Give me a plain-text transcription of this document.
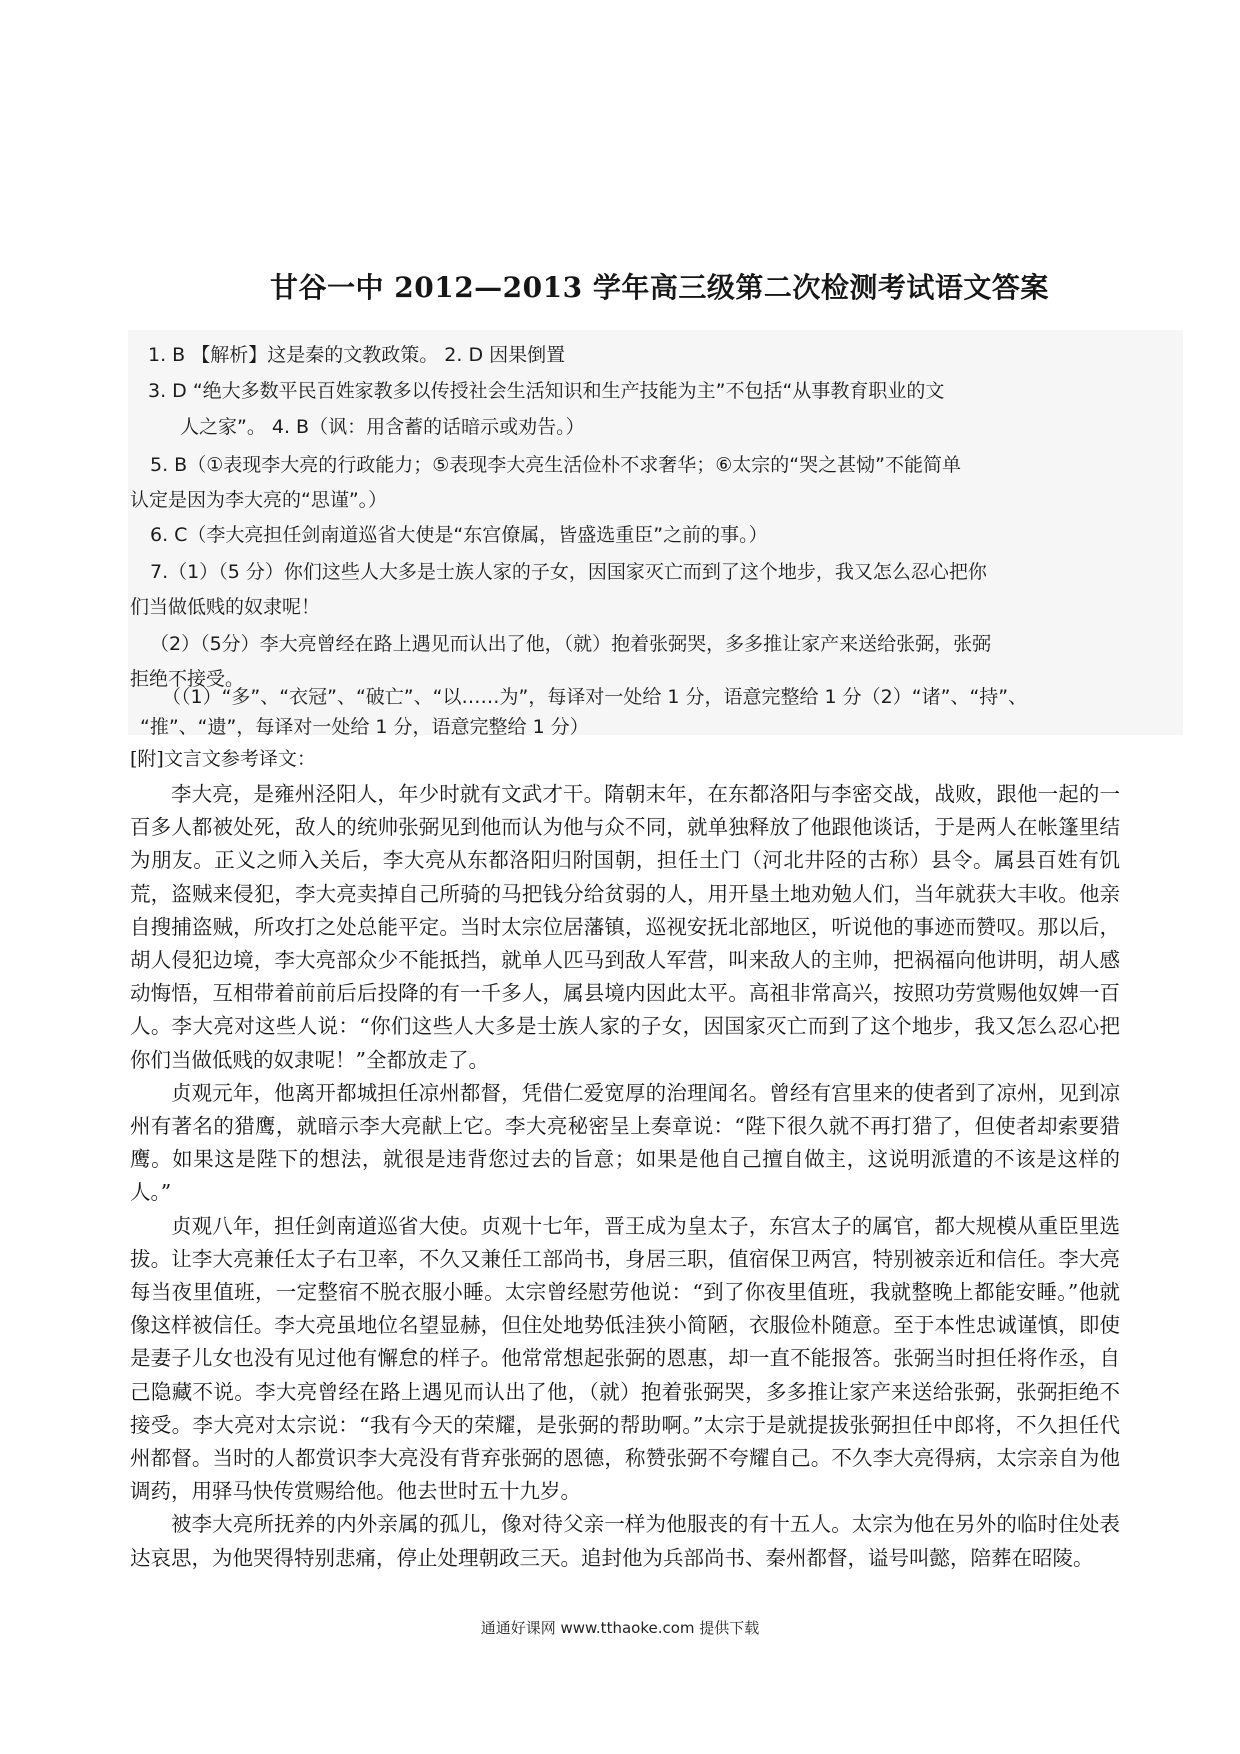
甘谷一中 2012—2013 学年高三级第二次检测考试语文答案
1. B 【解析】这是秦的文教政策。 2. D 因果倒置
3. D “绝大多数平民百姓家教多以传授社会生活知识和生产技能为主”不包括“从事教育职业的文
人之家”。 4. B（讽：用含蓄的话暗示或劝告。）
5. B（①表现李大亮的行政能力；⑤表现李大亮生活俭朴不求奢华；⑥太宗的“哭之甚恸”不能简单
认定是因为李大亮的“思谨”。）
6. C（李大亮担任剑南道巡省大使是“东宫僚属，皆盛选重臣”之前的事。）
7.（1）（5 分）你们这些人大多是士族人家的子女，因国家灭亡而到了这个地步，我又怎么忍心把你
们当做低贱的奴隶呢！
（2）（5分）李大亮曾经在路上遇见而认出了他，（就）抱着张弼哭，多多推让家产来送给张弼，张弼
拒绝不接受。
（（1）“多”、“衣冠”、“破亡”、“以……为”，每译对一处给 1 分，语意完整给 1 分（2）“诸”、“持”、
“推”、“遗”，每译对一处给 1 分，语意完整给 1 分）
[附]文言文参考译文：

李大亮，是雍州泾阳人，年少时就有文武才干。隋朝末年，在东都洛阳与李密交战，战败，跟他一起的一百多人都被处死，敌人的统帅张弼见到他而认为他与众不同，就单独释放了他跟他谈话，于是两人在帐篷里结为朋友。正义之师入关后，李大亮从东都洛阳归附国朝，担任土门（河北井陉的古称）县令。属县百姓有饥荒，盗贼来侵犯，李大亮卖掉自己所骑的马把钱分给贫弱的人，用开垦土地劝勉人们，当年就获大丰收。他亲自搜捕盗贼，所攻打之处总能平定。当时太宗位居藩镇，巡视安抚北部地区，听说他的事迹而赞叹。那以后，胡人侵犯边境，李大亮部众少不能抵挡，就单人匹马到敌人军营，叫来敌人的主帅，把祸福向他讲明，胡人感动悔悟，互相带着前前后后投降的有一千多人，属县境内因此太平。高祖非常高兴，按照功劳赏赐他奴婢一百人。李大亮对这些人说：“你们这些人大多是士族人家的子女，因国家灭亡而到了这个地步，我又怎么忍心把你们当做低贱的奴隶呢！”全都放走了。

贞观元年，他离开都城担任凉州都督，凭借仁爱宽厚的治理闻名。曾经有宫里来的使者到了凉州，见到凉州有著名的猎鹰，就暗示李大亮献上它。李大亮秘密呈上奏章说：“陛下很久就不再打猎了，但使者却索要猎鹰。如果这是陛下的想法，就很是违背您过去的旨意；如果是他自己擅自做主，这说明派遣的不该是这样的人。”

贞观八年，担任剑南道巡省大使。贞观十七年，晋王成为皇太子，东宫太子的属官，都大规模从重臣里选拔。让李大亮兼任太子右卫率，不久又兼任工部尚书，身居三职，值宿保卫两宫，特别被亲近和信任。李大亮每当夜里值班，一定整宿不脱衣服小睡。太宗曾经慰劳他说：“到了你夜里值班，我就整晚上都能安睡。”他就像这样被信任。李大亮虽地位名望显赫，但住处地势低洼狭小简陋，衣服俭朴随意。至于本性忠诚谨慎，即使是妻子儿女也没有见过他有懈怠的样子。他常常想起张弼的恩惠，却一直不能报答。张弼当时担任将作丞，自己隐藏不说。李大亮曾经在路上遇见而认出了他，（就）抱着张弼哭，多多推让家产来送给张弼，张弼拒绝不接受。李大亮对太宗说：“我有今天的荣耀，是张弼的帮助啊。”太宗于是就提拔张弼担任中郎将，不久担任代州都督。当时的人都赏识李大亮没有背弃张弼的恩德，称赞张弼不夸耀自己。不久李大亮得病，太宗亲自为他调药，用驿马快传赏赐给他。他去世时五十九岁。

被李大亮所抚养的内外亲属的孤儿，像对待父亲一样为他服丧的有十五人。太宗为他在另外的临时住处表达哀思，为他哭得特别悲痛，停止处理朝政三天。追封他为兵部尚书、秦州都督，谥号叫懿，陪葬在昭陵。

通通好课网 www.tthaoke.com 提供下载
